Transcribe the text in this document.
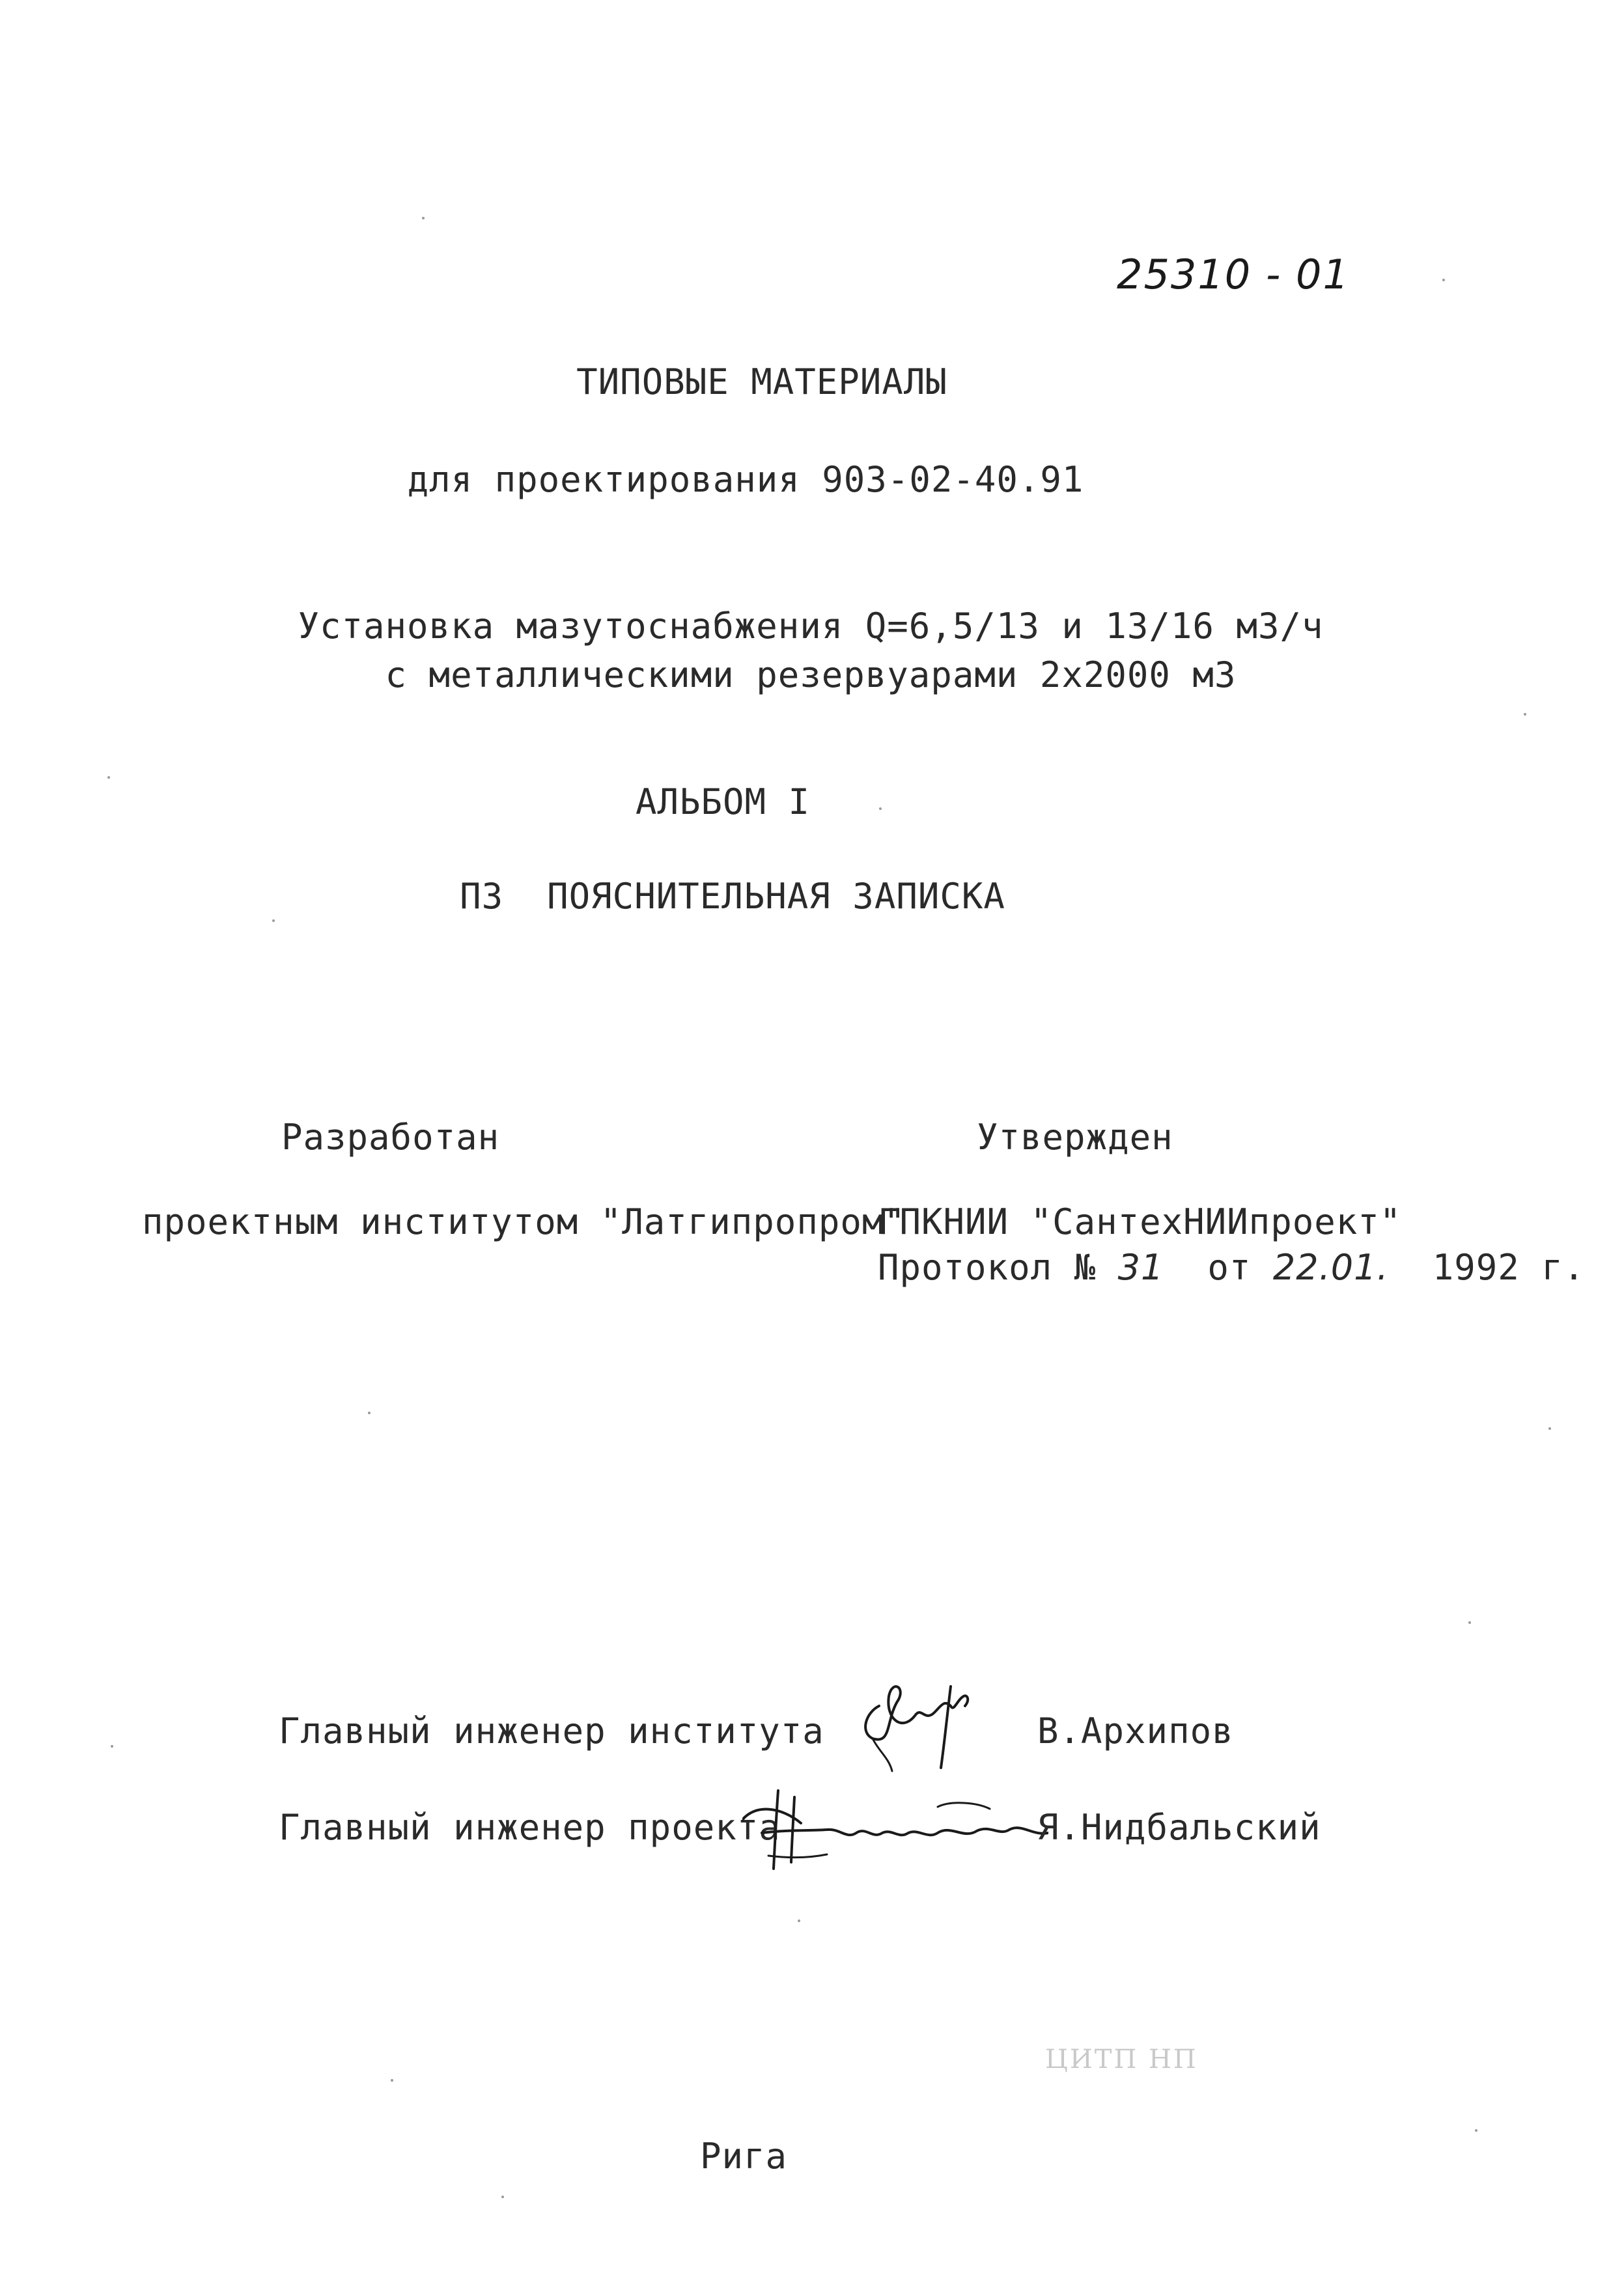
25310 - 01
ТИПОВЫЕ МАТЕРИАЛЫ
для проектирования 903-02-40.91
Установка мазутоснабжения Q=6,5/13 и 13/16 м3/ч
с металлическими резервуарами 2x2000 м3
АЛЬБОМ I
ПЗ  ПОЯСНИТЕЛЬНАЯ ЗАПИСКА
Разработан	Утвержден
проектным институтом "Латгипропром"
ГПКНИИ "СантехНИИпроект"
Протокол № 31 от 22.01. 1992 г.
Главный инженер института	В.Архипов
Главный инженер проекта	Я.Нидбальский
ЦИТП НП
Рига
